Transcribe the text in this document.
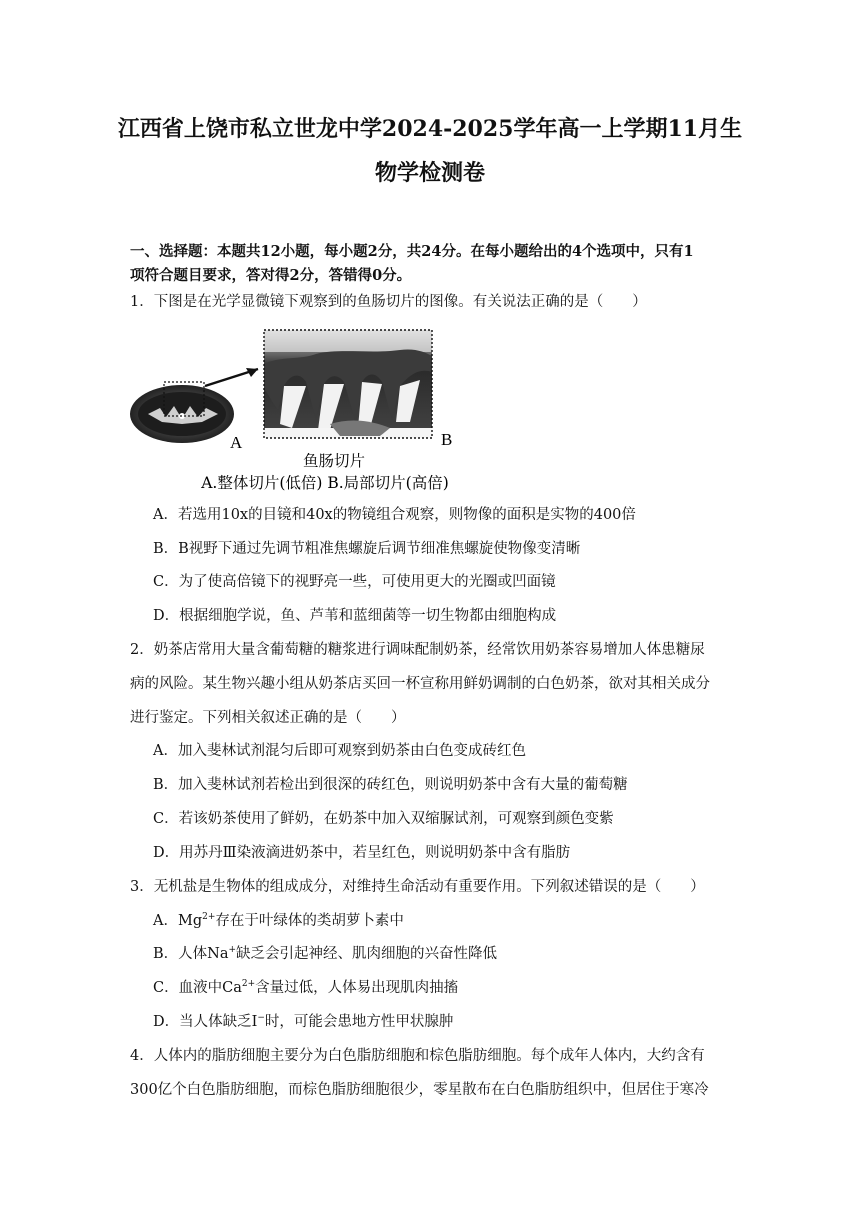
江西省上饶市私立世龙中学2024-2025学年高一上学期11月生
物学检测卷
一、选择题：本题共12小题，每小题2分，共24分。在每小题给出的4个选项中，只有1
项符合题目要求，答对得2分，答错得0分。
1．下图是在光学显微镜下观察到的鱼肠切片的图像。有关说法正确的是（　　）
A	B
鱼肠切片
A.整体切片(低倍) B.局部切片(高倍)
A．若选用10x的目镜和40x的物镜组合观察，则物像的面积是实物的400倍
B．B视野下通过先调节粗准焦螺旋后调节细准焦螺旋使物像变清晰
C．为了使高倍镜下的视野亮一些，可使用更大的光圈或凹面镜
D．根据细胞学说，鱼、芦苇和蓝细菌等一切生物都由细胞构成
2．奶茶店常用大量含葡萄糖的糖浆进行调味配制奶茶，经常饮用奶茶容易增加人体患糖尿
病的风险。某生物兴趣小组从奶茶店买回一杯宣称用鲜奶调制的白色奶茶，欲对其相关成分
进行鉴定。下列相关叙述正确的是（　　）
A．加入斐林试剂混匀后即可观察到奶茶由白色变成砖红色
B．加入斐林试剂若检出到很深的砖红色，则说明奶茶中含有大量的葡萄糖
C．若该奶茶使用了鲜奶，在奶茶中加入双缩脲试剂，可观察到颜色变紫
D．用苏丹Ⅲ染液滴进奶茶中，若呈红色，则说明奶茶中含有脂肪
3．无机盐是生物体的组成成分，对维持生命活动有重要作用。下列叙述错误的是（　　）
A．$Mg^{2+}$存在于叶绿体的类胡萝卜素中
B．人体Na+缺乏会引起神经、肌肉细胞的兴奋性降低
C．血液中$Ca^{2+}$含量过低，人体易出现肌肉抽搐
D．当人体缺乏I−时，可能会患地方性甲状腺肿
4．人体内的脂肪细胞主要分为白色脂肪细胞和棕色脂肪细胞。每个成年人体内，大约含有
300亿个白色脂肪细胞，而棕色脂肪细胞很少，零星散布在白色脂肪组织中，但居住于寒冷
